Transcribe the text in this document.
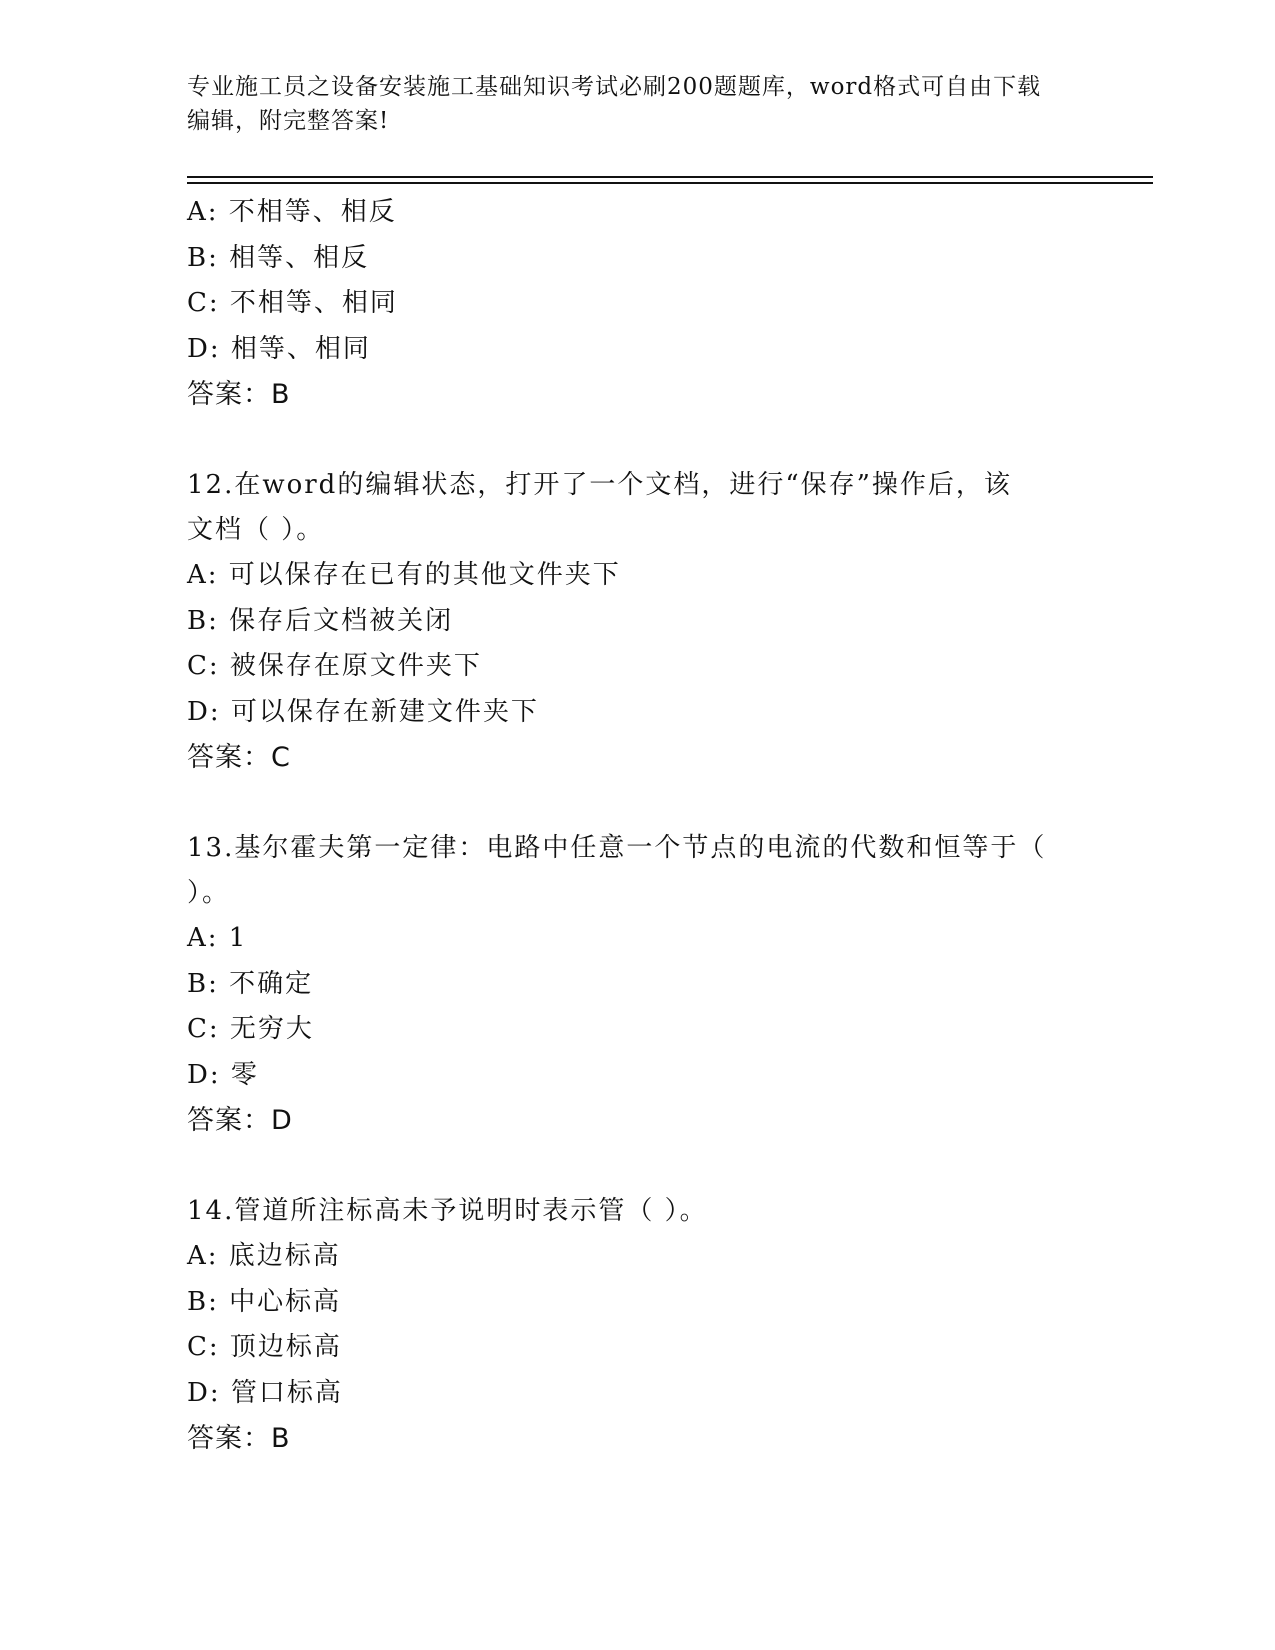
专业施工员之设备安装施工基础知识考试必刷200题题库，word格式可自由下载
编辑，附完整答案!

A: 不相等、相反

B: 相等、相反

C: 不相等、相同

D: 相等、相同

答案：B

12.在word的编辑状态，打开了一个文档，进行“保存”操作后，该

文档（ ）。

A: 可以保存在已有的其他文件夹下

B: 保存后文档被关闭

C: 被保存在原文件夹下

D: 可以保存在新建文件夹下

答案：C

13.基尔霍夫第一定律：电路中任意一个节点的电流的代数和恒等于（

）。

A: 1

B: 不确定

C: 无穷大

D: 零

答案：D

14.管道所注标高未予说明时表示管（ ）。

A: 底边标高

B: 中心标高

C: 顶边标高

D: 管口标高

答案：B
